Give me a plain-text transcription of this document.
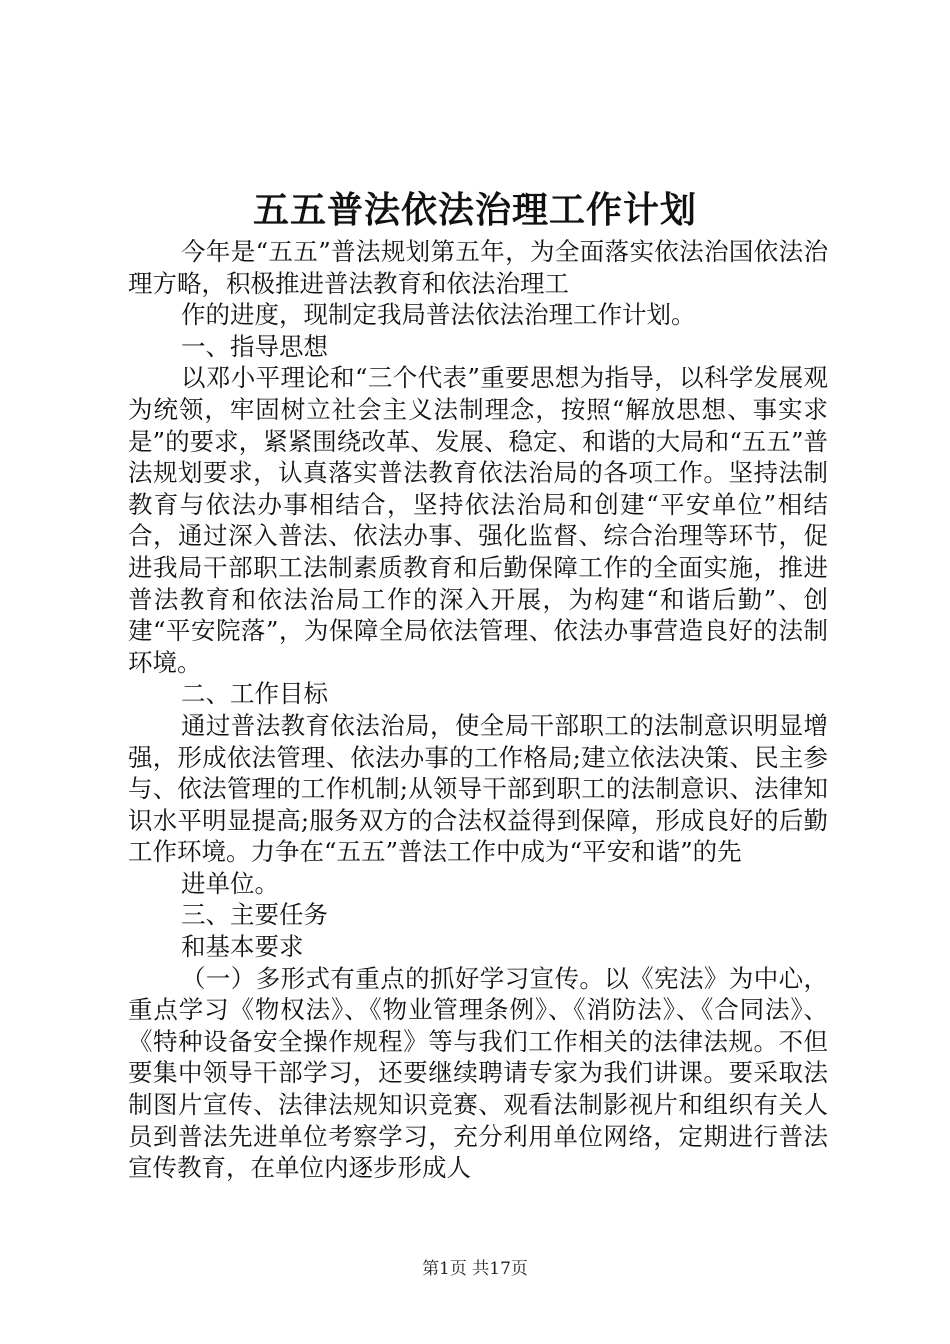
五五普法依法治理工作计划

今年是“五五”普法规划第五年，为全面落实依法治国依法治理方略，积极推进普法教育和依法治理工

作的进度，现制定我局普法依法治理工作计划。

一、指导思想

以邓小平理论和“三个代表”重要思想为指导，以科学发展观为统领，牢固树立社会主义法制理念，按照“解放思想、事实求是”的要求，紧紧围绕改革、发展、稳定、和谐的大局和“五五”普法规划要求，认真落实普法教育依法治局的各项工作。坚持法制教育与依法办事相结合，坚持依法治局和创建“平安单位”相结合，通过深入普法、依法办事、强化监督、综合治理等环节，促进我局干部职工法制素质教育和后勤保障工作的全面实施，推进普法教育和依法治局工作的深入开展，为构建“和谐后勤”、创建“平安院落”，为保障全局依法管理、依法办事营造良好的法制环境。

二、工作目标

通过普法教育依法治局，使全局干部职工的法制意识明显增强，形成依法管理、依法办事的工作格局;建立依法决策、民主参与、依法管理的工作机制;从领导干部到职工的法制意识、法律知识水平明显提高;服务双方的合法权益得到保障，形成良好的后勤工作环境。力争在“五五”普法工作中成为“平安和谐”的先

进单位。

三、主要任务

和基本要求

（一）多形式有重点的抓好学习宣传。以《宪法》为中心，重点学习《物权法》、《物业管理条例》、《消防法》、《合同法》、《特种设备安全操作规程》等与我们工作相关的法律法规。不但要集中领导干部学习，还要继续聘请专家为我们讲课。要采取法制图片宣传、法律法规知识竞赛、观看法制影视片和组织有关人员到普法先进单位考察学习，充分利用单位网络，定期进行普法宣传教育，在单位内逐步形成人

第1页 共17页
